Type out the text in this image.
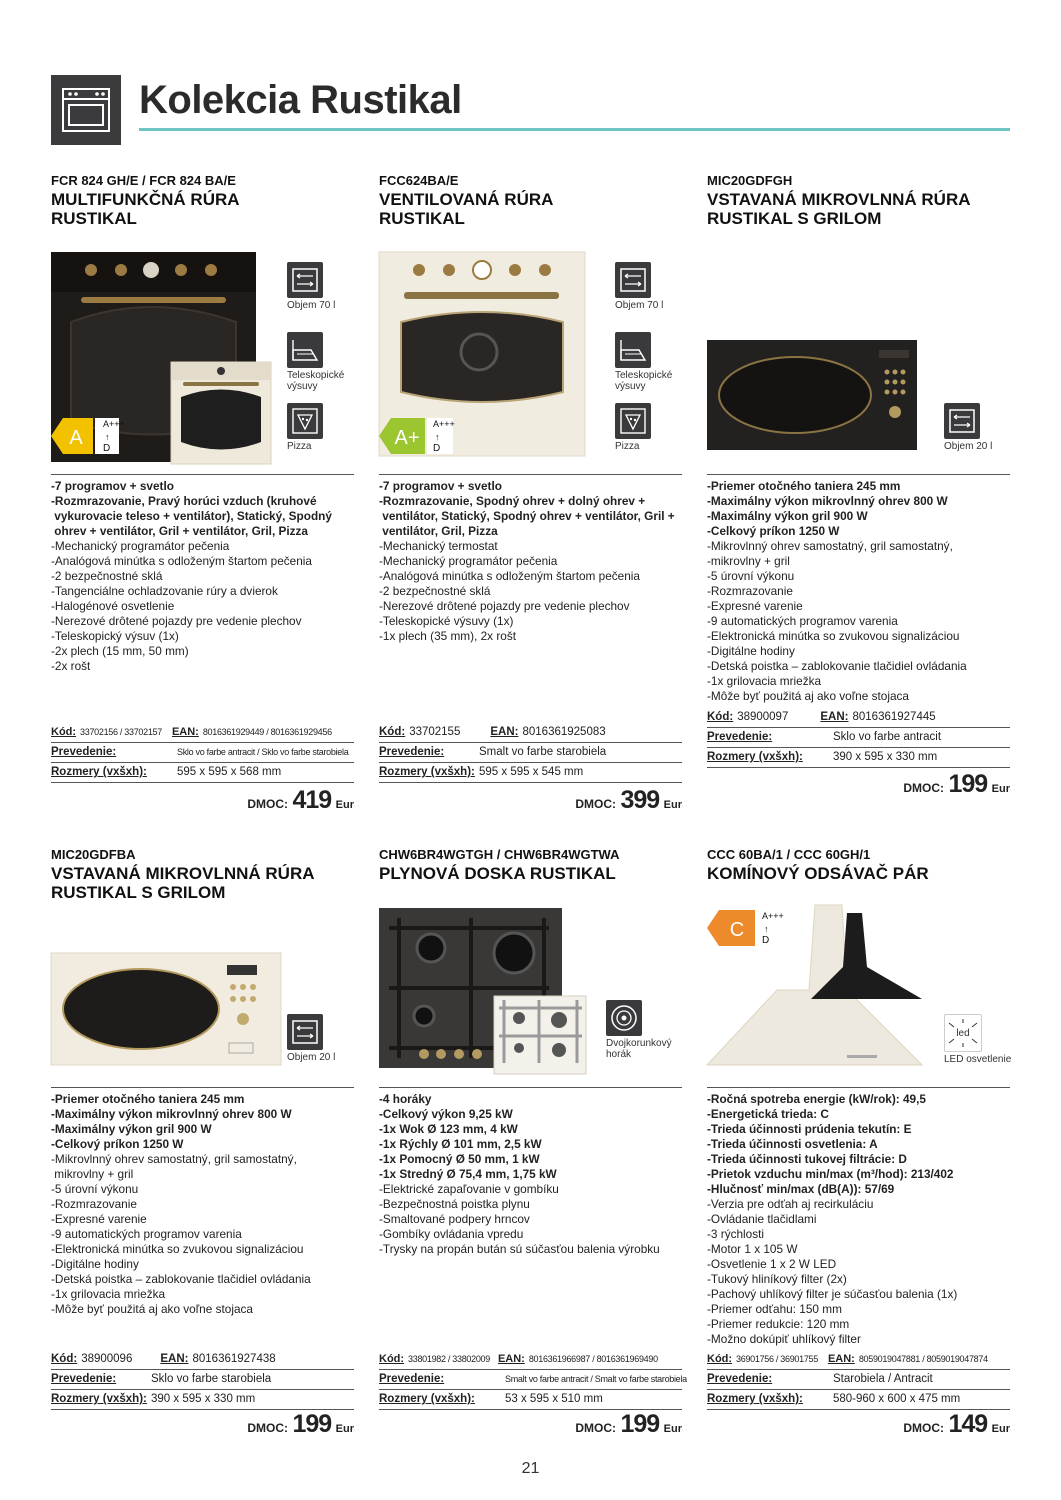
Kolekcia Rustikal
FCR 824 GH/E / FCR 824 BA/E
MULTIFUNKČNÁ RÚRA RUSTIKAL
A
A+++
↑
D
Objem 70 l
Teleskopické výsuvy
Pizza
-7 programov + svetlo
-Rozmrazovanie, Pravý horúci vzduch (kruhové
vykurovacie teleso + ventilátor), Statický, Spodný
ohrev + ventilátor, Gril + ventilátor, Gril, Pizza
-Mechanický programátor pečenia
-Analógová minútka s odloženým štartom pečenia
-2 bezpečnostné sklá
-Tangenciálne ochladzovanie rúry a dvierok
-Halogénové osvetlenie
-Nerezové drôtené pojazdy pre vedenie plechov
-Teleskopický výsuv (1x)
-2x plech (15 mm, 50 mm)
-2x rošt
Kód: 33702156 / 33702157 EAN: 8016361929449 / 8016361929456
Prevedenie:	Sklo vo farbe antracit / Sklo vo farbe starobiela
Rozmery (vxšxh):	595 x 595 x 568 mm
DMOC: 419 Eur
FCC624BA/E
VENTILOVANÁ RÚRA RUSTIKAL
A+
A+++
↑
D
Objem 70 l
Teleskopické výsuvy
Pizza
-7 programov + svetlo
-Rozmrazovanie, Spodný ohrev + dolný ohrev +
ventilátor, Statický, Spodný ohrev + ventilátor, Gril +
ventilátor, Gril, Pizza
-Mechanický termostat
-Mechanický programátor pečenia
-Analógová minútka s odloženým štartom pečenia
-2 bezpečnostné sklá
-Nerezové drôtené pojazdy pre vedenie plechov
-Teleskopické výsuvy (1x)
-1x plech (35 mm), 2x rošt
Kód: 33702155	EAN: 8016361925083
Prevedenie:	Smalt vo farbe starobiela
Rozmery (vxšxh): 595 x 595 x 545 mm
DMOC: 399 Eur
MIC20GDFGH
VSTAVANÁ MIKROVLNNÁ RÚRA RUSTIKAL S GRILOM
Objem 20 l
-Priemer otočného taniera 245 mm
-Maximálny výkon mikrovlnný ohrev 800 W
-Maximálny výkon gril 900 W
-Celkový príkon 1250 W
-Mikrovlnný ohrev samostatný, gril samostatný,
-mikrovlny + gril
-5 úrovní výkonu
-Rozmrazovanie
-Expresné varenie
-9 automatických programov varenia
-Elektronická minútka so zvukovou signalizáciou
-Digitálne hodiny
-Detská poistka – zablokovanie tlačidiel ovládania
-1x grilovacia mriežka
-Môže byť použitá aj ako voľne stojaca
Kód: 38900097	EAN: 8016361927445
Prevedenie:	Sklo vo farbe antracit
Rozmery (vxšxh):	390 x 595 x 330 mm
DMOC: 199 Eur
MIC20GDFBA
VSTAVANÁ MIKROVLNNÁ RÚRA RUSTIKAL S GRILOM
Objem 20 l
-Priemer otočného taniera 245 mm
-Maximálny výkon mikrovlnný ohrev 800 W
-Maximálny výkon gril 900 W
-Celkový príkon 1250 W
-Mikrovlnný ohrev samostatný, gril samostatný,
mikrovlny + gril
-5 úrovní výkonu
-Rozmrazovanie
-Expresné varenie
-9 automatických programov varenia
-Elektronická minútka so zvukovou signalizáciou
-Digitálne hodiny
-Detská poistka – zablokovanie tlačidiel ovládania
-1x grilovacia mriežka
-Môže byť použitá aj ako voľne stojaca
Kód: 38900096 EAN: 8016361927438
Prevedenie:	Sklo vo farbe starobiela
Rozmery (vxšxh): 390 x 595 x 330 mm
DMOC: 199 Eur
CHW6BR4WGTGH / CHW6BR4WGTWA
PLYNOVÁ DOSKA RUSTIKAL
Dvojkorunkový horák
-4 horáky
-Celkový výkon 9,25 kW
-1x Wok Ø 123 mm, 4 kW
-1x Rýchly Ø 101 mm, 2,5 kW
-1x Pomocný Ø 50 mm, 1 kW
-1x Stredný Ø 75,4 mm, 1,75 kW
-Elektrické zapaľovanie v gombíku
-Bezpečnostná poistka plynu
-Smaltované podpery hrncov
-Gombíky ovládania vpredu
-Trysky na propán bután sú súčasťou balenia výrobku
Kód: 33801982 / 33802009 EAN: 8016361966987 / 8016361969490
Prevedenie:	Smalt vo farbe antracit / Smalt vo farbe starobiela
Rozmery (vxšxh):	53 x 595 x 510 mm
DMOC: 199 Eur
CCC 60BA/1 / CCC 60GH/1
KOMÍNOVÝ ODSÁVAČ PÁR
C
A+++
↑
D
led
LED osvetlenie
-Ročná spotreba energie (kW/rok): 49,5
-Energetická trieda: C
-Trieda účinnosti prúdenia tekutín: E
-Trieda účinnosti osvetlenia: A
-Trieda účinnosti tukovej filtrácie: D
-Prietok vzduchu min/max (m³/hod): 213/402
-Hlučnosť min/max (dB(A)): 57/69
-Verzia pre odťah aj recirkuláciu
-Ovládanie tlačidlami
-3 rýchlosti
-Motor 1 x 105 W
-Osvetlenie 1 x 2 W LED
-Tukový hliníkový filter (2x)
-Pachový uhlíkový filter je súčasťou balenia (1x)
-Priemer odťahu: 150 mm
-Priemer redukcie: 120 mm
-Možno dokúpiť uhlíkový filter
Kód: 36901756 / 36901755 EAN: 8059019047881 / 8059019047874
Prevedenie:	Starobiela / Antracit
Rozmery (vxšxh):	580-960 x 600 x 475 mm
DMOC: 149 Eur
21
